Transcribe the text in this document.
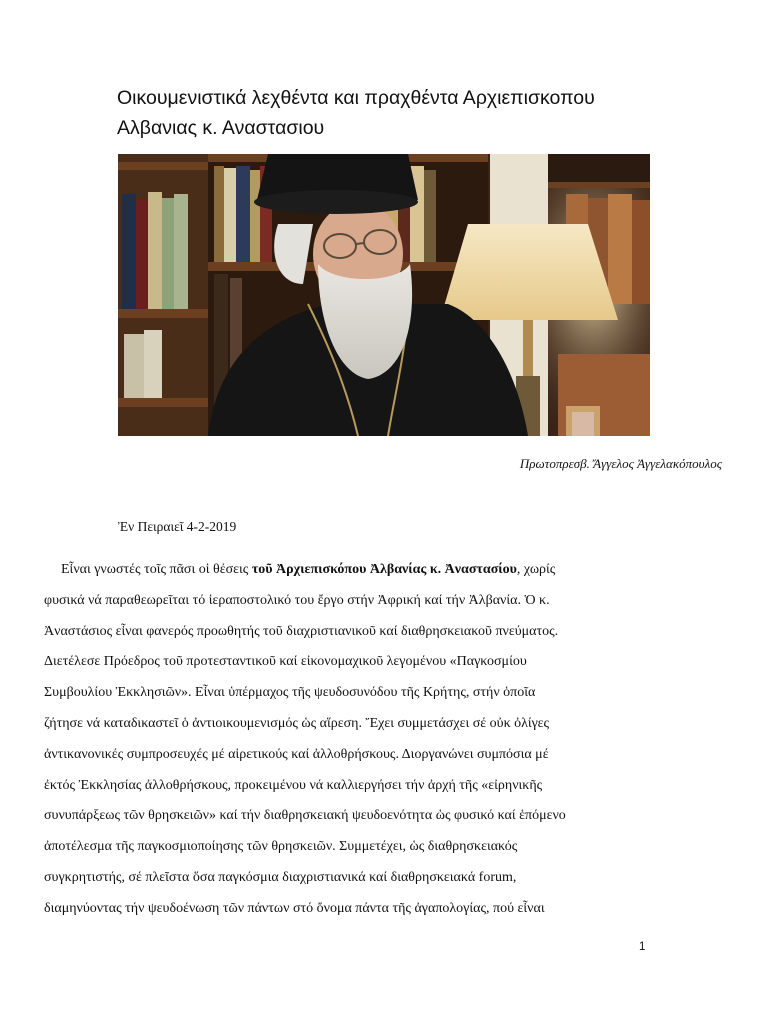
Οικουμενιστικά λεχθέντα και πραχθέντα Αρχιεπισκοπου
Αλβανιας κ. Αναστασιου
Πρωτοπρεσβ. Ἄγγελος Ἀγγελακόπουλος
Ἐν Πειραιεῖ 4-2-2019
Εἶναι γνωστές τοῖς πᾶσι οἱ θέσεις τοῦ Ἀρχιεπισκόπου Ἀλβανίας κ. Ἀναστασίου, χωρίς
φυσικά νά παραθεωρεῖται τό ἱεραποστολικό του ἔργο στήν Ἀφρική καί τήν Ἀλβανία. Ὁ κ.
Ἀναστάσιος εἶναι φανερός προωθητής τοῦ διαχριστιανικοῦ καί διαθρησκειακοῦ πνεύματος.
Διετέλεσε Πρόεδρος τοῦ προτεσταντικοῦ καί εἰκονομαχικοῦ λεγομένου «Παγκοσμίου
Συμβουλίου Ἐκκλησιῶν». Εἶναι ὑπέρμαχος τῆς ψευδοσυνόδου τῆς Κρήτης, στήν ὁποῖα
ζήτησε νά καταδικαστεῖ ὁ ἀντιοικουμενισμός ὡς αἵρεση. Ἔχει συμμετάσχει σέ οὐκ ὀλίγες
ἀντικανονικές συμπροσευχές μέ αἱρετικούς καί ἀλλοθρήσκους. Διοργανώνει συμπόσια μέ
ἐκτός Ἐκκλησίας ἀλλοθρήσκους, προκειμένου νά καλλιεργήσει τήν ἀρχή τῆς «εἰρηνικῆς
συνυπάρξεως τῶν θρησκειῶν» καί τήν διαθρησκειακή ψευδοενότητα ὡς φυσικό καί ἑπόμενο
ἀποτέλεσμα τῆς παγκοσμιοποίησης τῶν θρησκειῶν. Συμμετέχει, ὡς διαθρησκειακός
συγκρητιστής, σέ πλεῖστα ὅσα παγκόσμια διαχριστιανικά καί διαθρησκειακά forum,
διαμηνύοντας τήν ψευδοένωση τῶν πάντων στό ὄνομα πάντα τῆς ἀγαπολογίας, πού εἶναι
1
